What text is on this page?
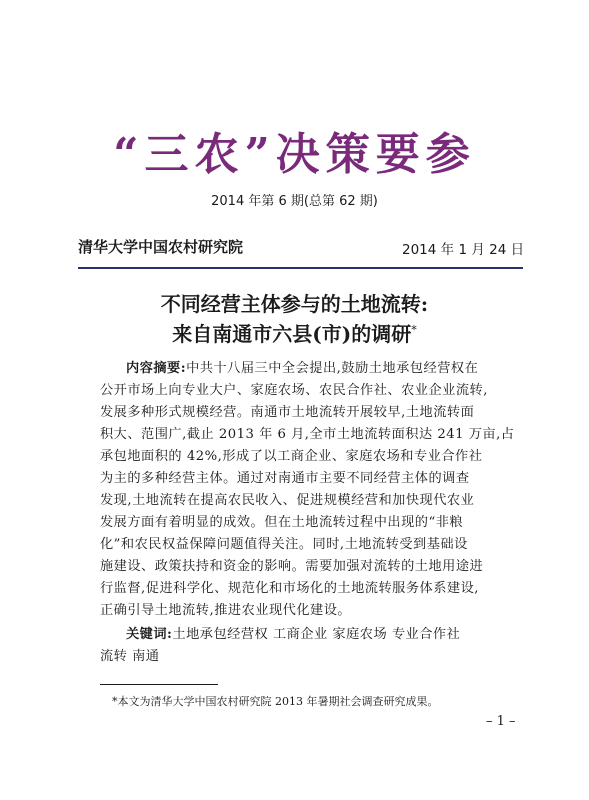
“三农”决策要参
2014 年第 6 期(总第 62 期)
清华大学中国农村研究院	2014 年 1 月 24 日
不同经营主体参与的土地流转:
来自南通市六县(市)的调研*
内容摘要:中共十八届三中全会提出,鼓励土地承包经营权在
公开市场上向专业大户、家庭农场、农民合作社、农业企业流转,
发展多种形式规模经营。南通市土地流转开展较早,土地流转面
积大、范围广,截止 2013 年 6 月,全市土地流转面积达 241 万亩,占
承包地面积的 42%,形成了以工商企业、家庭农场和专业合作社
为主的多种经营主体。通过对南通市主要不同经营主体的调查
发现,土地流转在提高农民收入、促进规模经营和加快现代农业
发展方面有着明显的成效。但在土地流转过程中出现的“非粮
化”和农民权益保障问题值得关注。同时,土地流转受到基础设
施建设、政策扶持和资金的影响。需要加强对流转的土地用途进
行监督,促进科学化、规范化和市场化的土地流转服务体系建设,
正确引导土地流转,推进农业现代化建设。
关键词:土地承包经营权 工商企业 家庭农场 专业合作社
流转 南通
*本文为清华大学中国农村研究院 2013 年暑期社会调查研究成果。
– 1 –
